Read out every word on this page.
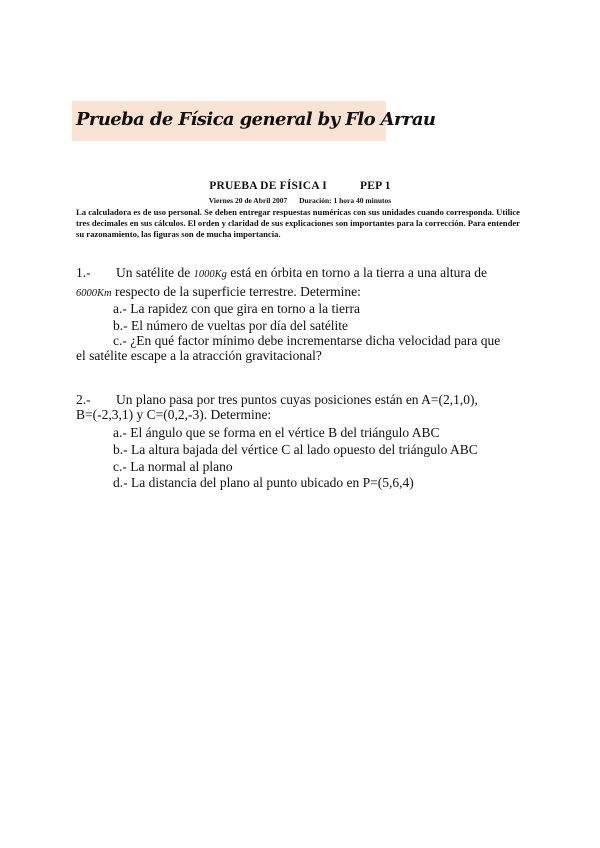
Prueba de Física general by Flo Arrau
PRUEBA DE FÍSICA I	PEP 1
Viernes 20 de Abril 2007 Duración: 1 hora 40 minutos
La calculadora es de uso personal. Se deben entregar respuestas numéricas con sus unidades cuando corresponda. Utilice tres decimales en sus cálculos. El orden y claridad de sus explicaciones son importantes para la corrección. Para entender su razonamiento, las figuras son de mucha importancia.
1.- Un satélite de 1000Kg está en órbita en torno a la tierra a una altura de
6000Km respecto de la superficie terrestre. Determine:
a.- La rapidez con que gira en torno a la tierra
b.- El número de vueltas por día del satélite
c.- ¿En qué factor mínimo debe incrementarse dicha velocidad para que
el satélite escape a la atracción gravitacional?
2.- Un plano pasa por tres puntos cuyas posiciones están en A=(2,1,0),
B=(-2,3,1) y C=(0,2,-3). Determine:
a.- El ángulo que se forma en el vértice B del triángulo ABC
b.- La altura bajada del vértice C al lado opuesto del triángulo ABC
c.- La normal al plano
d.- La distancia del plano al punto ubicado en P=(5,6,4)
